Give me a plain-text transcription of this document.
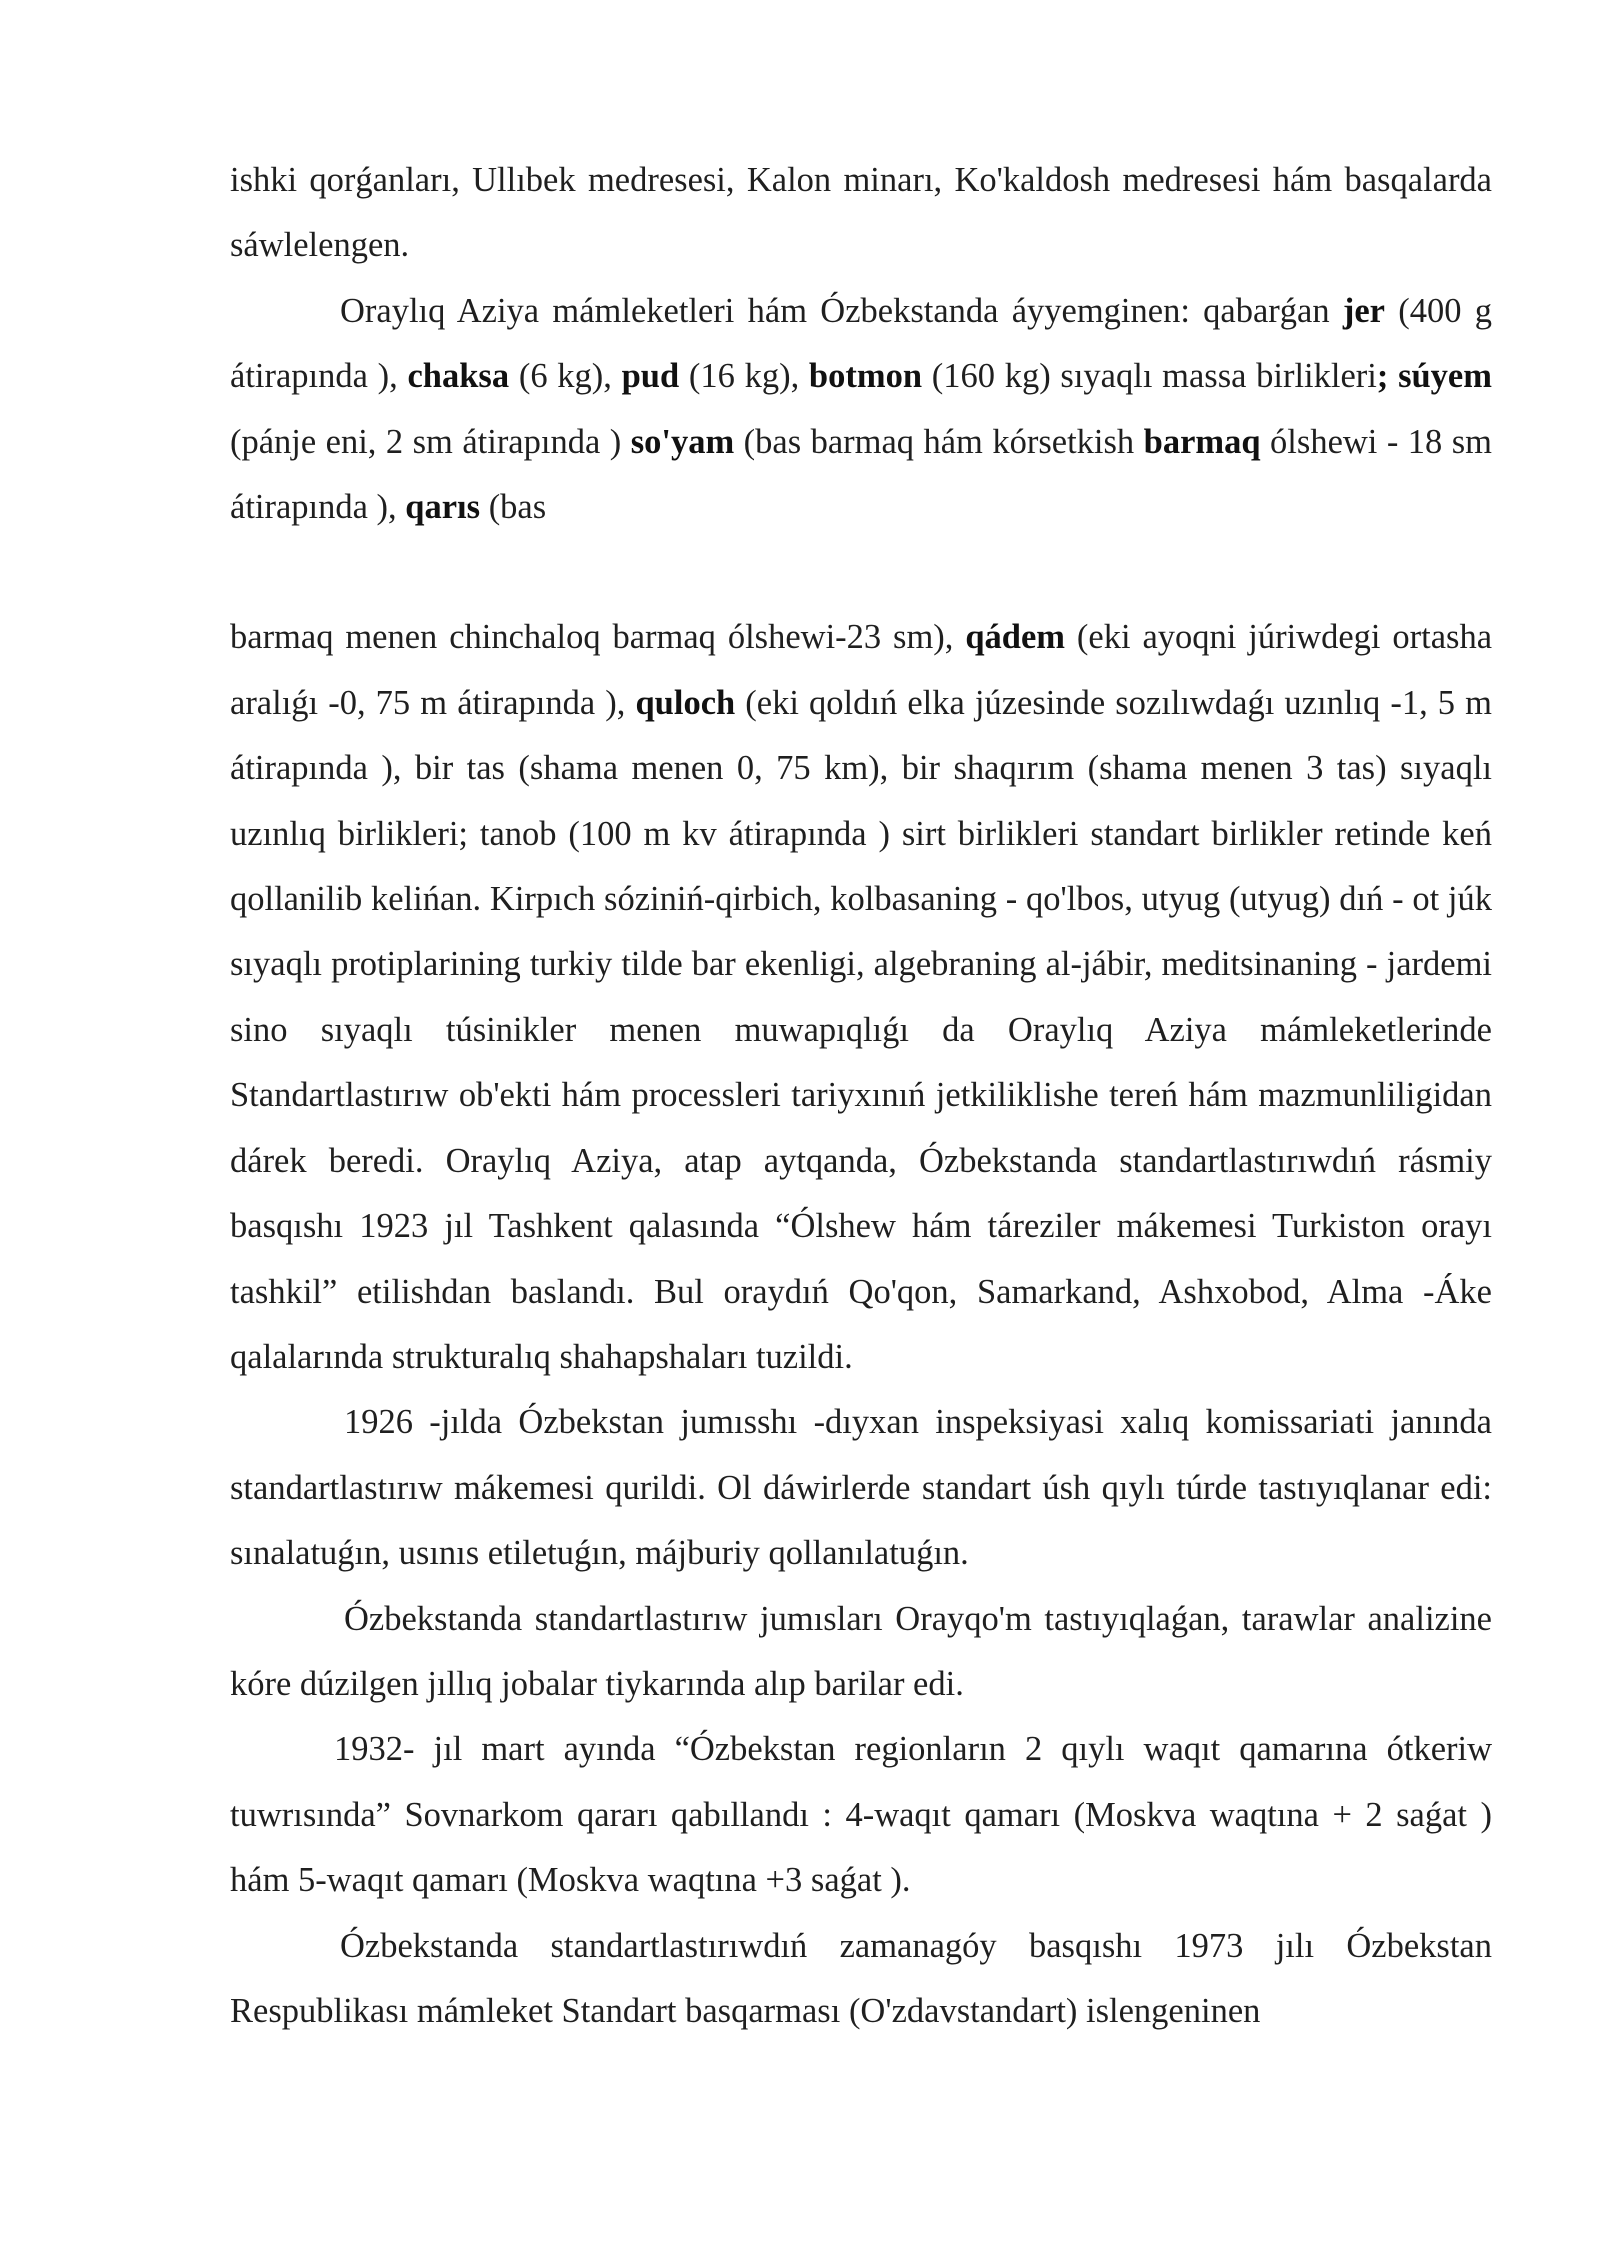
ishki qorǵanları, Ullıbek medresesi, Kalon minarı, Ko'kaldosh medresesi hám basqalarda sáwlelengen.

Oraylıq Aziya mámleketleri hám Ózbekstanda áyyemginen: qabarǵan jer (400 g átirapında ), chaksa (6 kg), pud (16 kg), botmon (160 kg) sıyaqlı massa birlikleri; súyem (pánje eni, 2 sm átirapında ) so'yam (bas barmaq hám kórsetkish barmaq ólshewi - 18 sm átirapında ), qarıs (bas

barmaq menen chinchaloq barmaq ólshewi-23 sm), qádem (eki ayoqni júriwdegi ortasha aralıǵı -0, 75 m átirapında ), quloch (eki qoldıń elka júzesinde sozılıwdaǵı uzınlıq -1, 5 m átirapında ), bir tas (shama menen 0, 75 km), bir shaqırım (shama menen 3 tas) sıyaqlı uzınlıq birlikleri; tanob (100 m kv átirapında ) sirt birlikleri standart birlikler retinde keń qollanilib kelińan. Kirpıch sóziniń-qirbich, kolbasaning - qo'lbos, utyug (utyug) dıń - ot júk sıyaqlı protiplarining turkiy tilde bar ekenligi, algebraning al-jábir, meditsinaning - jardemi sino sıyaqlı túsinikler menen muwapıqlıǵı da Oraylıq Aziya mámleketlerinde Standartlastırıw ob'ekti hám processleri tariyxınıń jetkiliklishe tereń hám mazmunliligidan dárek beredi. Oraylıq Aziya, atap aytqanda, Ózbekstanda standartlastırıwdıń rásmiy basqıshı 1923 jıl Tashkent qalasında “Ólshew hám táreziler mákemesi Turkiston orayı tashkil” etilishdan baslandı. Bul oraydıń Qo'qon, Samarkand, Ashxobod, Alma -Áke qalalarında strukturalıq shahapshaları tuzildi.

1926 -jılda Ózbekstan jumısshı -dıyxan inspeksiyasi xalıq komissariati janında standartlastırıw mákemesi qurildi. Ol dáwirlerde standart úsh qıylı túrde tastıyıqlanar edi: sınalatuǵın, usınıs etiletuǵın, májburiy qollanılatuǵın.

Ózbekstanda standartlastırıw jumısları Orayqo'm tastıyıqlaǵan, tarawlar analizine kóre dúzilgen jıllıq jobalar tiykarında alıp barilar edi.

1932- jıl mart ayında “Ózbekstan regionların 2 qıylı waqıt qamarına ótkeriw tuwrısında” Sovnarkom qararı qabıllandı : 4-waqıt qamarı (Moskva waqtına + 2 saǵat ) hám 5-waqıt qamarı (Moskva waqtına +3 saǵat ).

Ózbekstanda standartlastırıwdıń zamanagóy basqıshı 1973 jılı Ózbekstan Respublikası mámleket Standart basqarması (O'zdavstandart) islengeninen
